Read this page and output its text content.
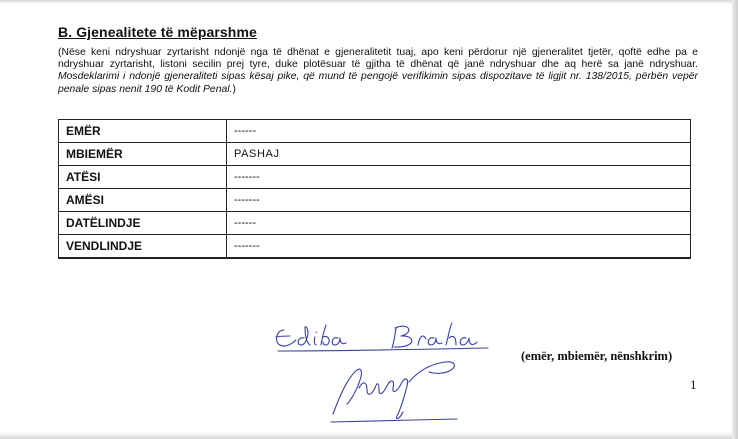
B. Gjenealitete të mëparshme
(Nëse keni ndryshuar zyrtarisht ndonjë nga të dhënat e gjeneralitetit tuaj, apo keni përdorur një gjeneralitet tjetër, qoftë edhe pa e ndryshuar zyrtarisht, listoni secilin prej tyre, duke plotësuar të gjitha të dhënat që janë ndryshuar dhe aq herë sa janë ndryshuar. Mosdeklarimi i ndonjë gjeneraliteti sipas kësaj pike, që mund të pengojë verifikimin sipas dispozitave të ligjit nr. 138/2015, përbën vepër penale sipas nenit 190 të Kodit Penal.)
EMËR	------
MBIEMËR	PASHAJ
ATËSI	-------
AMËSI	-------
DATËLINDJE	------
VENDLINDJE	-------
(emër, mbiemër, nënshkrim)
1
